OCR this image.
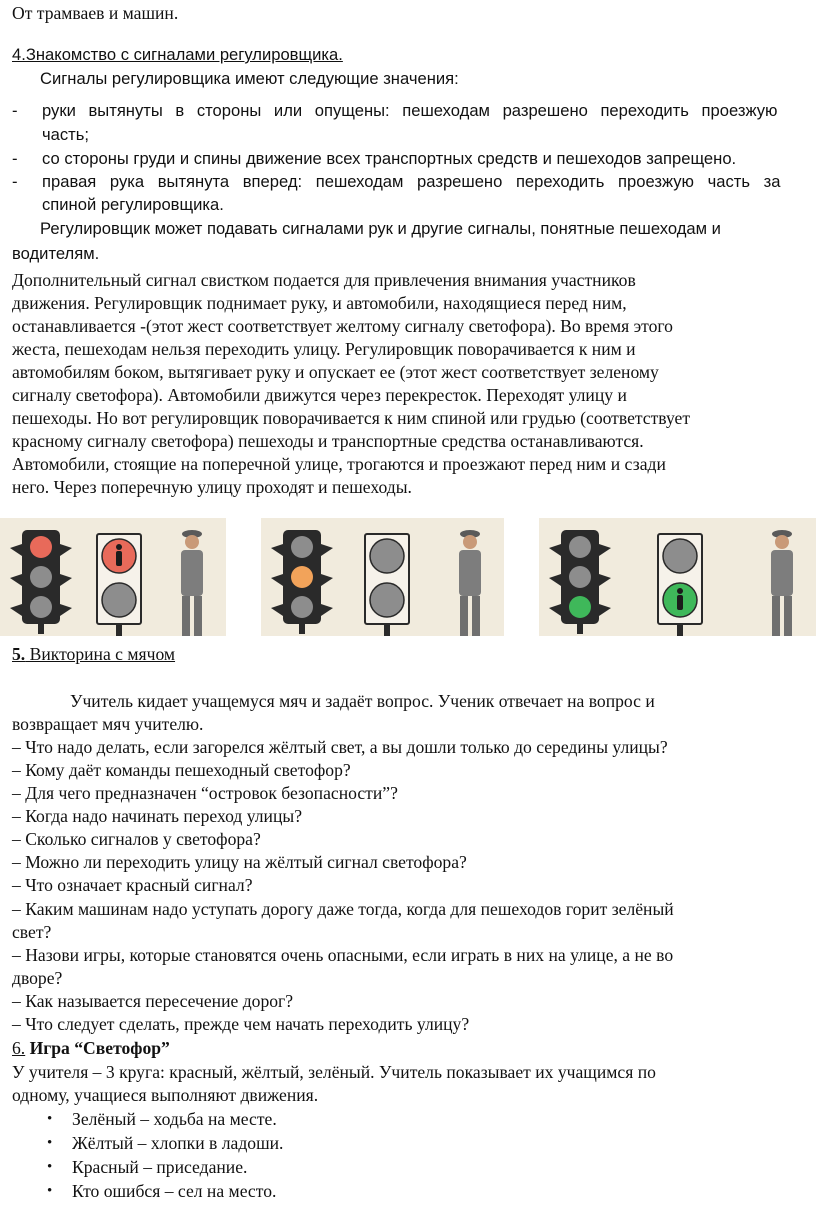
От трамваев и машин.
4.Знакомство с сигналами регулировщика.
Сигналы регулировщика имеют следующие значения:
- руки вытянуты в стороны или опущены: пешеходам разрешено переходить проезжую
часть;
- со стороны груди и спины движение всех транспортных средств и пешеходов запрещено.
- правая рука вытянута вперед: пешеходам разрешено переходить проезжую часть за
спиной регулировщика.
Регулировщик может подавать сигналами рук и другие сигналы, понятные пешеходам и
водителям.
Дополнительный сигнал свистком подается для привлечения внимания участников
движения. Регулировщик поднимает руку, и автомобили, находящиеся перед ним,
останавливается -(этот жест соответствует желтому сигналу светофора). Во время этого
жеста, пешеходам нельзя переходить улицу. Регулировщик поворачивается к ним и
автомобилям боком, вытягивает руку и опускает ее (этот жест соответствует зеленому
сигналу светофора). Автомобили движутся через перекресток. Переходят улицу и
пешеходы. Но вот регулировщик поворачивается к ним спиной или грудью (соответствует
красному сигналу светофора) пешеходы и транспортные средства останавливаются.
Автомобили, стоящие на поперечной улице, трогаются и проезжают перед ним и сзади
него. Через поперечную улицу проходят и пешеходы.
5. Викторина с мячом
Учитель кидает учащемуся мяч и задаёт вопрос. Ученик отвечает на вопрос и
возвращает мяч учителю.
– Что надо делать, если загорелся жёлтый свет, а вы дошли только до середины улицы?
– Кому даёт команды пешеходный светофор?
– Для чего предназначен “островок безопасности”?
– Когда надо начинать переход улицы?
– Сколько сигналов у светофора?
– Можно ли переходить улицу на жёлтый сигнал светофора?
– Что означает красный сигнал?
– Каким машинам надо уступать дорогу даже тогда, когда для пешеходов горит зелёный
свет?
– Назови игры, которые становятся очень опасными, если играть в них на улице, а не во
дворе?
– Как называется пересечение дорог?
– Что следует сделать, прежде чем начать переходить улицу?
6. Игра “Светофор”
У учителя – 3 круга: красный, жёлтый, зелёный. Учитель показывает их учащимся по
одному, учащиеся выполняют движения.
• Зелёный – ходьба на месте.
• Жёлтый – хлопки в ладоши.
• Красный – приседание.
• Кто ошибся – сел на место.
